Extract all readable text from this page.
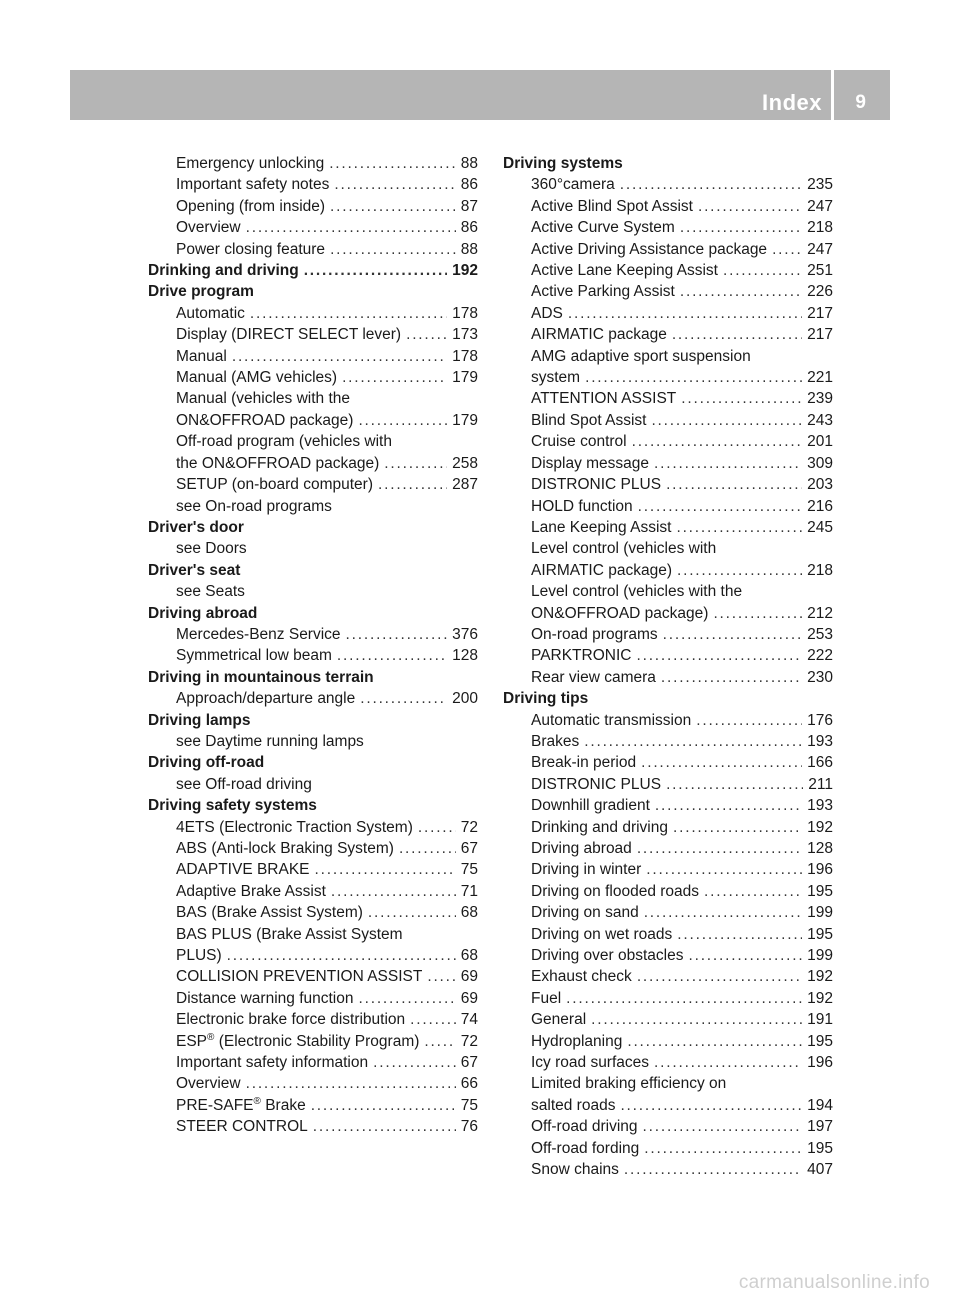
Index 9
Emergency unlocking .....	88
Important safety notes .....	86
Opening (from inside) .....	87
Overview .....	86
Power closing feature .....	88
Drinking and driving .....	192
Drive program
Automatic .....	178
Display (DIRECT SELECT lever) .....	173
Manual .....	178
Manual (AMG vehicles) .....	179
Manual (vehicles with the
ON&OFFROAD package) .....	179
Off-road program (vehicles with
the ON&OFFROAD package) .....	258
SETUP (on-board computer) .....	287
see On-road programs
Driver's door
see Doors
Driver's seat
see Seats
Driving abroad
Mercedes-Benz Service .....	376
Symmetrical low beam .....	128
Driving in mountainous terrain
Approach/departure angle .....	200
Driving lamps
see Daytime running lamps
Driving off-road
see Off-road driving
Driving safety systems
4ETS (Electronic Traction System) .....	72
ABS (Anti-lock Braking System) .....	67
ADAPTIVE BRAKE .....	75
Adaptive Brake Assist .....	71
BAS (Brake Assist System) .....	68
BAS PLUS (Brake Assist System
PLUS) .....	68
COLLISION PREVENTION ASSIST ..... 69
Distance warning function .....	69
Electronic brake force distribution .....	74
ESP® (Electronic Stability Program) .....	72
Important safety information .....	67
Overview .....	66
PRE-SAFE® Brake .....	75
STEER CONTROL .....	76
Driving systems
360°camera .....	235
Active Blind Spot Assist .....	247
Active Curve System .....	218
Active Driving Assistance package .....	247
Active Lane Keeping Assist .....	251
Active Parking Assist .....	226
ADS .....	217
AIRMATIC package .....	217
AMG adaptive sport suspension
system .....	221
ATTENTION ASSIST .....	239
Blind Spot Assist .....	243
Cruise control .....	201
Display message .....	309
DISTRONIC PLUS .....	203
HOLD function .....	216
Lane Keeping Assist .....	245
Level control (vehicles with
AIRMATIC package) .....	218
Level control (vehicles with the
ON&OFFROAD package) .....	212
On-road programs .....	253
PARKTRONIC .....	222
Rear view camera .....	230
Driving tips
Automatic transmission .....	176
Brakes .....	193
Break-in period .....	166
DISTRONIC PLUS .....	211
Downhill gradient .....	193
Drinking and driving .....	192
Driving abroad .....	128
Driving in winter .....	196
Driving on flooded roads .....	195
Driving on sand .....	199
Driving on wet roads .....	195
Driving over obstacles .....	199
Exhaust check .....	192
Fuel .....	192
General .....	191
Hydroplaning .....	195
Icy road surfaces .....	196
Limited braking efficiency on
salted roads .....	194
Off-road driving .....	197
Off-road fording .....	195
Snow chains .....	407
carmanualsonline.info
